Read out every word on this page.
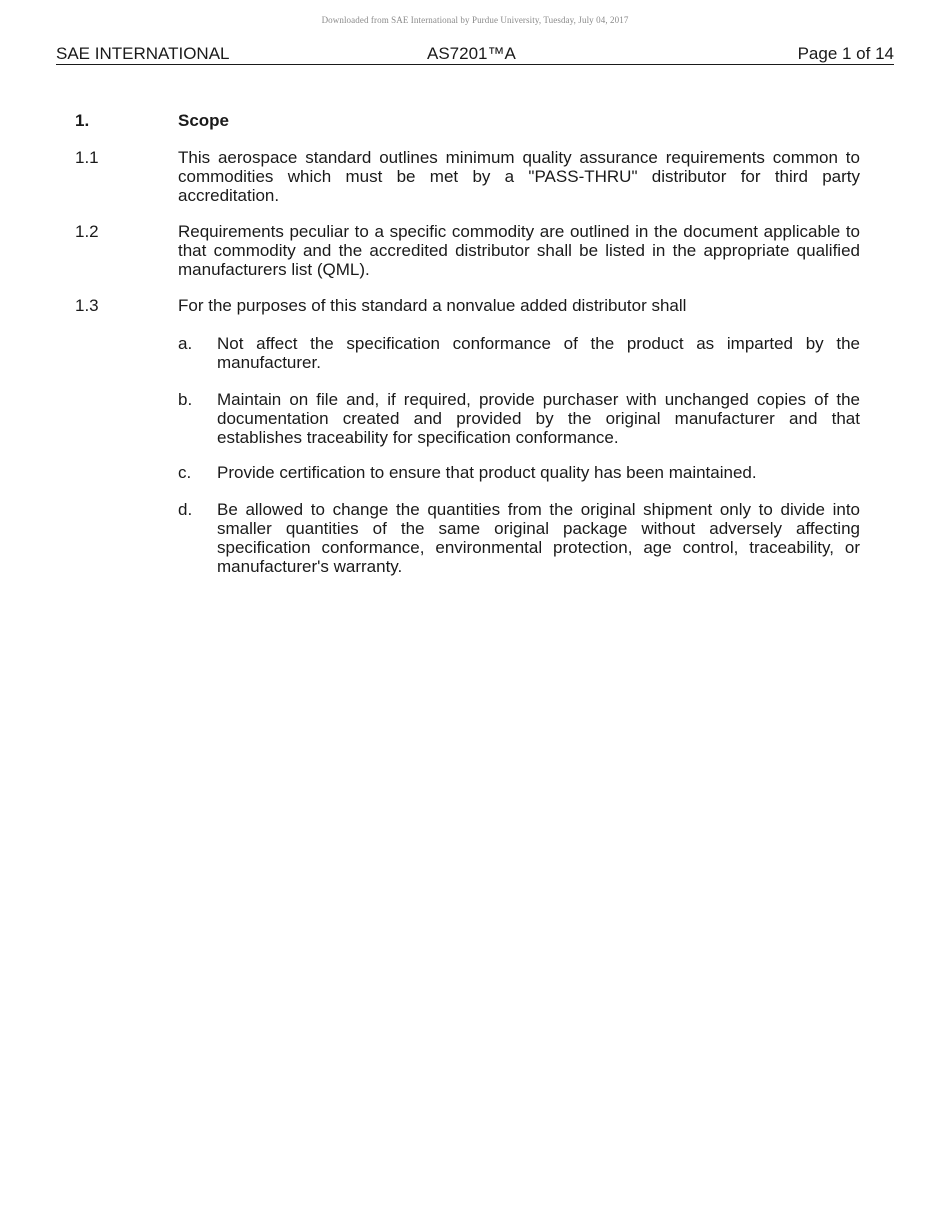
Downloaded from SAE International by Purdue University, Tuesday, July 04, 2017
SAE INTERNATIONAL	AS7201™A	Page 1 of 14
1.	Scope
1.1	This aerospace standard outlines minimum quality assurance requirements common to commodities which must be met by a "PASS-THRU" distributor for third party accreditation.
1.2	Requirements peculiar to a specific commodity are outlined in the document applicable to that commodity and the accredited distributor shall be listed in the appropriate qualified manufacturers list (QML).
1.3	For the purposes of this standard a nonvalue added distributor shall
a. Not affect the specification conformance of the product as imparted by the manufacturer.
b. Maintain on file and, if required, provide purchaser with unchanged copies of the documentation created and provided by the original manufacturer and that establishes traceability for specification conformance.
c. Provide certification to ensure that product quality has been maintained.
d. Be allowed to change the quantities from the original shipment only to divide into smaller quantities of the same original package without adversely affecting specification conformance, environmental protection, age control, traceability, or manufacturer's warranty.
